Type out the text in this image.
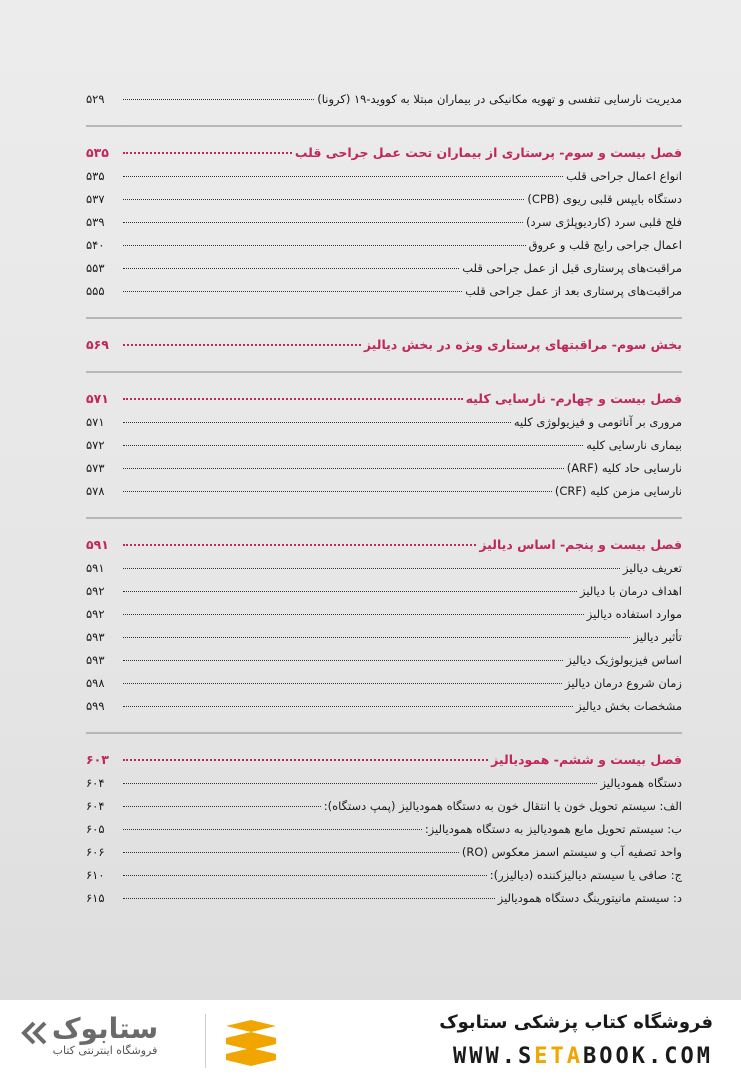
مدیریت نارسایی تنفسی و تهویه مکانیکی در بیماران مبتلا به کووید-۱۹ (کرونا)
۵۲۹
فصل بیست و سوم- پرستاری از بیماران تحت عمل جراحی قلب
۵۳۵
انواع اعمال جراحی قلب
۵۳۵
دستگاه بایپس قلبی ریوی (CPB)
۵۳۷
فلج قلبی سرد (کاردیوپلژی سرد)
۵۳۹
اعمال جراحی رایج قلب و عروق
۵۴۰
مراقبت‌های پرستاری قبل از عمل جراحی قلب
۵۵۳
مراقبت‌های پرستاری بعد از عمل جراحی قلب
۵۵۵
بخش سوم- مراقبتهای پرستاری ویژه در بخش دیالیز
۵۶۹
فصل بیست و چهارم- نارسایی کلیه
۵۷۱
مروری بر آناتومی و فیزیولوژی کلیه
۵۷۱
بیماری نارسایی کلیه
۵۷۲
نارسایی حاد کلیه (ARF)
۵۷۳
نارسایی مزمن کلیه (CRF)
۵۷۸
فصل بیست و پنجم- اساس دیالیز
۵۹۱
تعریف دیالیز
۵۹۱
اهداف درمان با دیالیز
۵۹۲
موارد استفاده دیالیز
۵۹۲
تأثیر دیالیز
۵۹۳
اساس فیزیولوژیک دیالیز
۵۹۳
زمان شروع درمان دیالیز
۵۹۸
مشخصات بخش دیالیز
۵۹۹
فصل بیست و ششم- همودیالیز
۶۰۳
دستگاه همودیالیز
۶۰۴
الف: سیستم تحویل خون یا انتقال خون به دستگاه همودیالیز (پمپ دستگاه):
۶۰۴
ب: سیستم تحویل مایع همودیالیز به دستگاه همودیالیز:
۶۰۵
واحد تصفیه آب و سیستم اسمز معکوس (RO)
۶۰۶
ج: صافی یا سیستم دیالیزکننده (دیالیزر):
۶۱۰
د: سیستم مانیتورینگ دستگاه همودیالیز
۶۱۵
فروشگاه کتاب پزشکی ستابوک
WWW.SETABOOK.COM
ستابوک
فروشگاه اینترنتی کتاب
